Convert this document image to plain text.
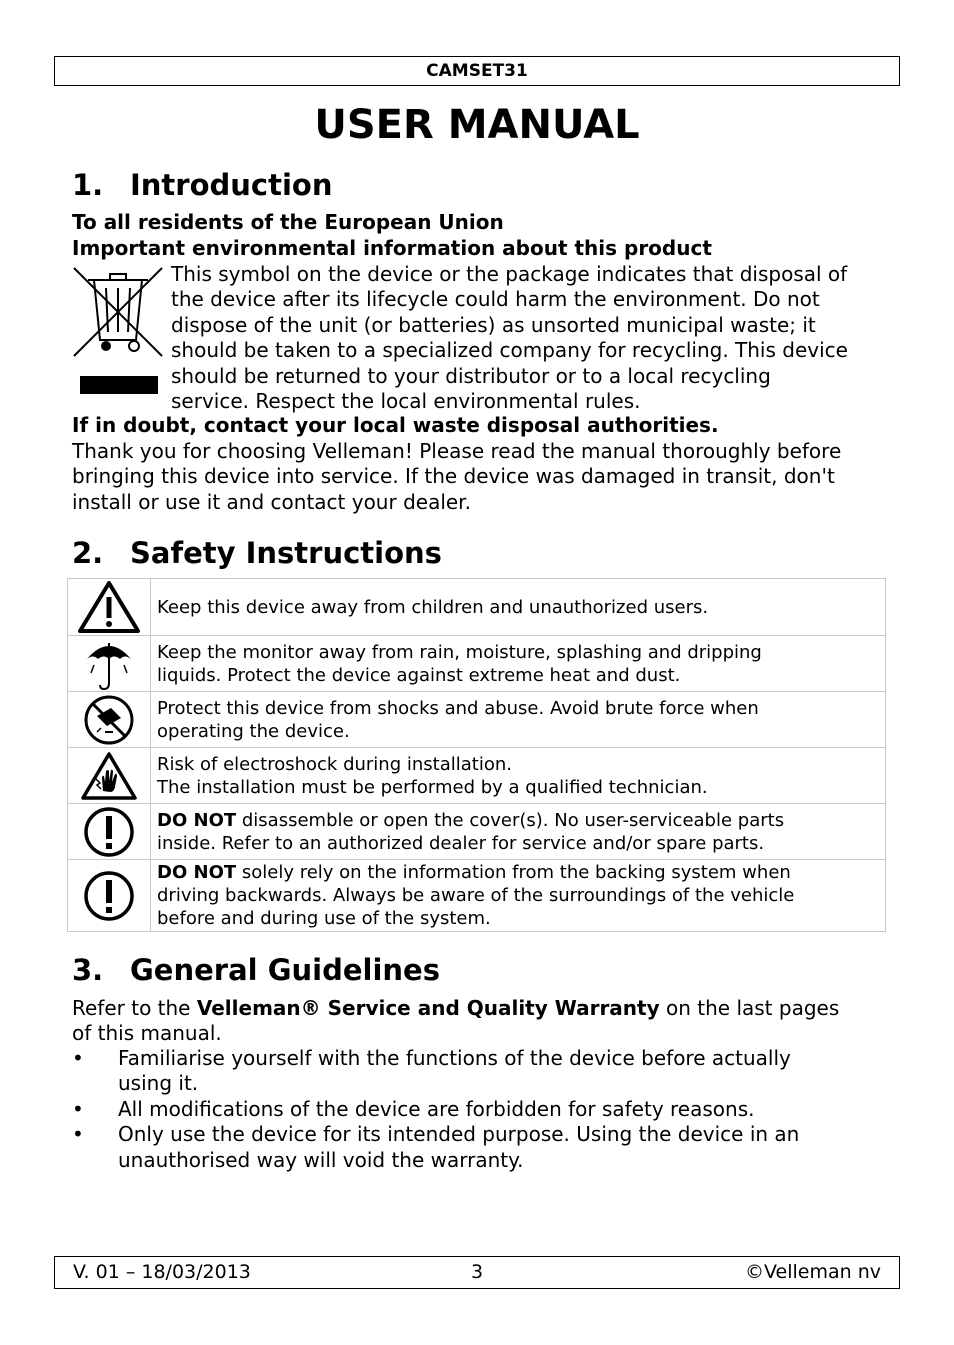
CAMSET31
USER MANUAL
1. Introduction
To all residents of the European Union
Important environmental information about this product
This symbol on the device or the package indicates that disposal of
the device after its lifecycle could harm the environment. Do not
dispose of the unit (or batteries) as unsorted municipal waste; it
should be taken to a specialized company for recycling. This device
should be returned to your distributor or to a local recycling
service. Respect the local environmental rules.
If in doubt, contact your local waste disposal authorities.
Thank you for choosing Velleman! Please read the manual thoroughly before
bringing this device into service. If the device was damaged in transit, don't
install or use it and contact your dealer.
2. Safety Instructions

Keep this device away from children and unauthorized users.

Keep the monitor away from rain, moisture, splashing and dripping
liquids. Protect the device against extreme heat and dust.

Protect this device from shocks and abuse. Avoid brute force when
operating the device.

Risk of electroshock during installation.
The installation must be performed by a qualified technician.

DO NOT disassemble or open the cover(s). No user-serviceable parts
inside. Refer to an authorized dealer for service and/or spare parts.

DO NOT solely rely on the information from the backing system when
driving backwards. Always be aware of the surroundings of the vehicle
before and during use of the system.
3. General Guidelines
Refer to the Velleman® Service and Quality Warranty on the last pages
of this manual.
• Familiarise yourself with the functions of the device before actually
using it.
• All modifications of the device are forbidden for safety reasons.
• Only use the device for its intended purpose. Using the device in an
unauthorised way will void the warranty.
V. 01 – 18/03/2013	3	©Velleman nv
